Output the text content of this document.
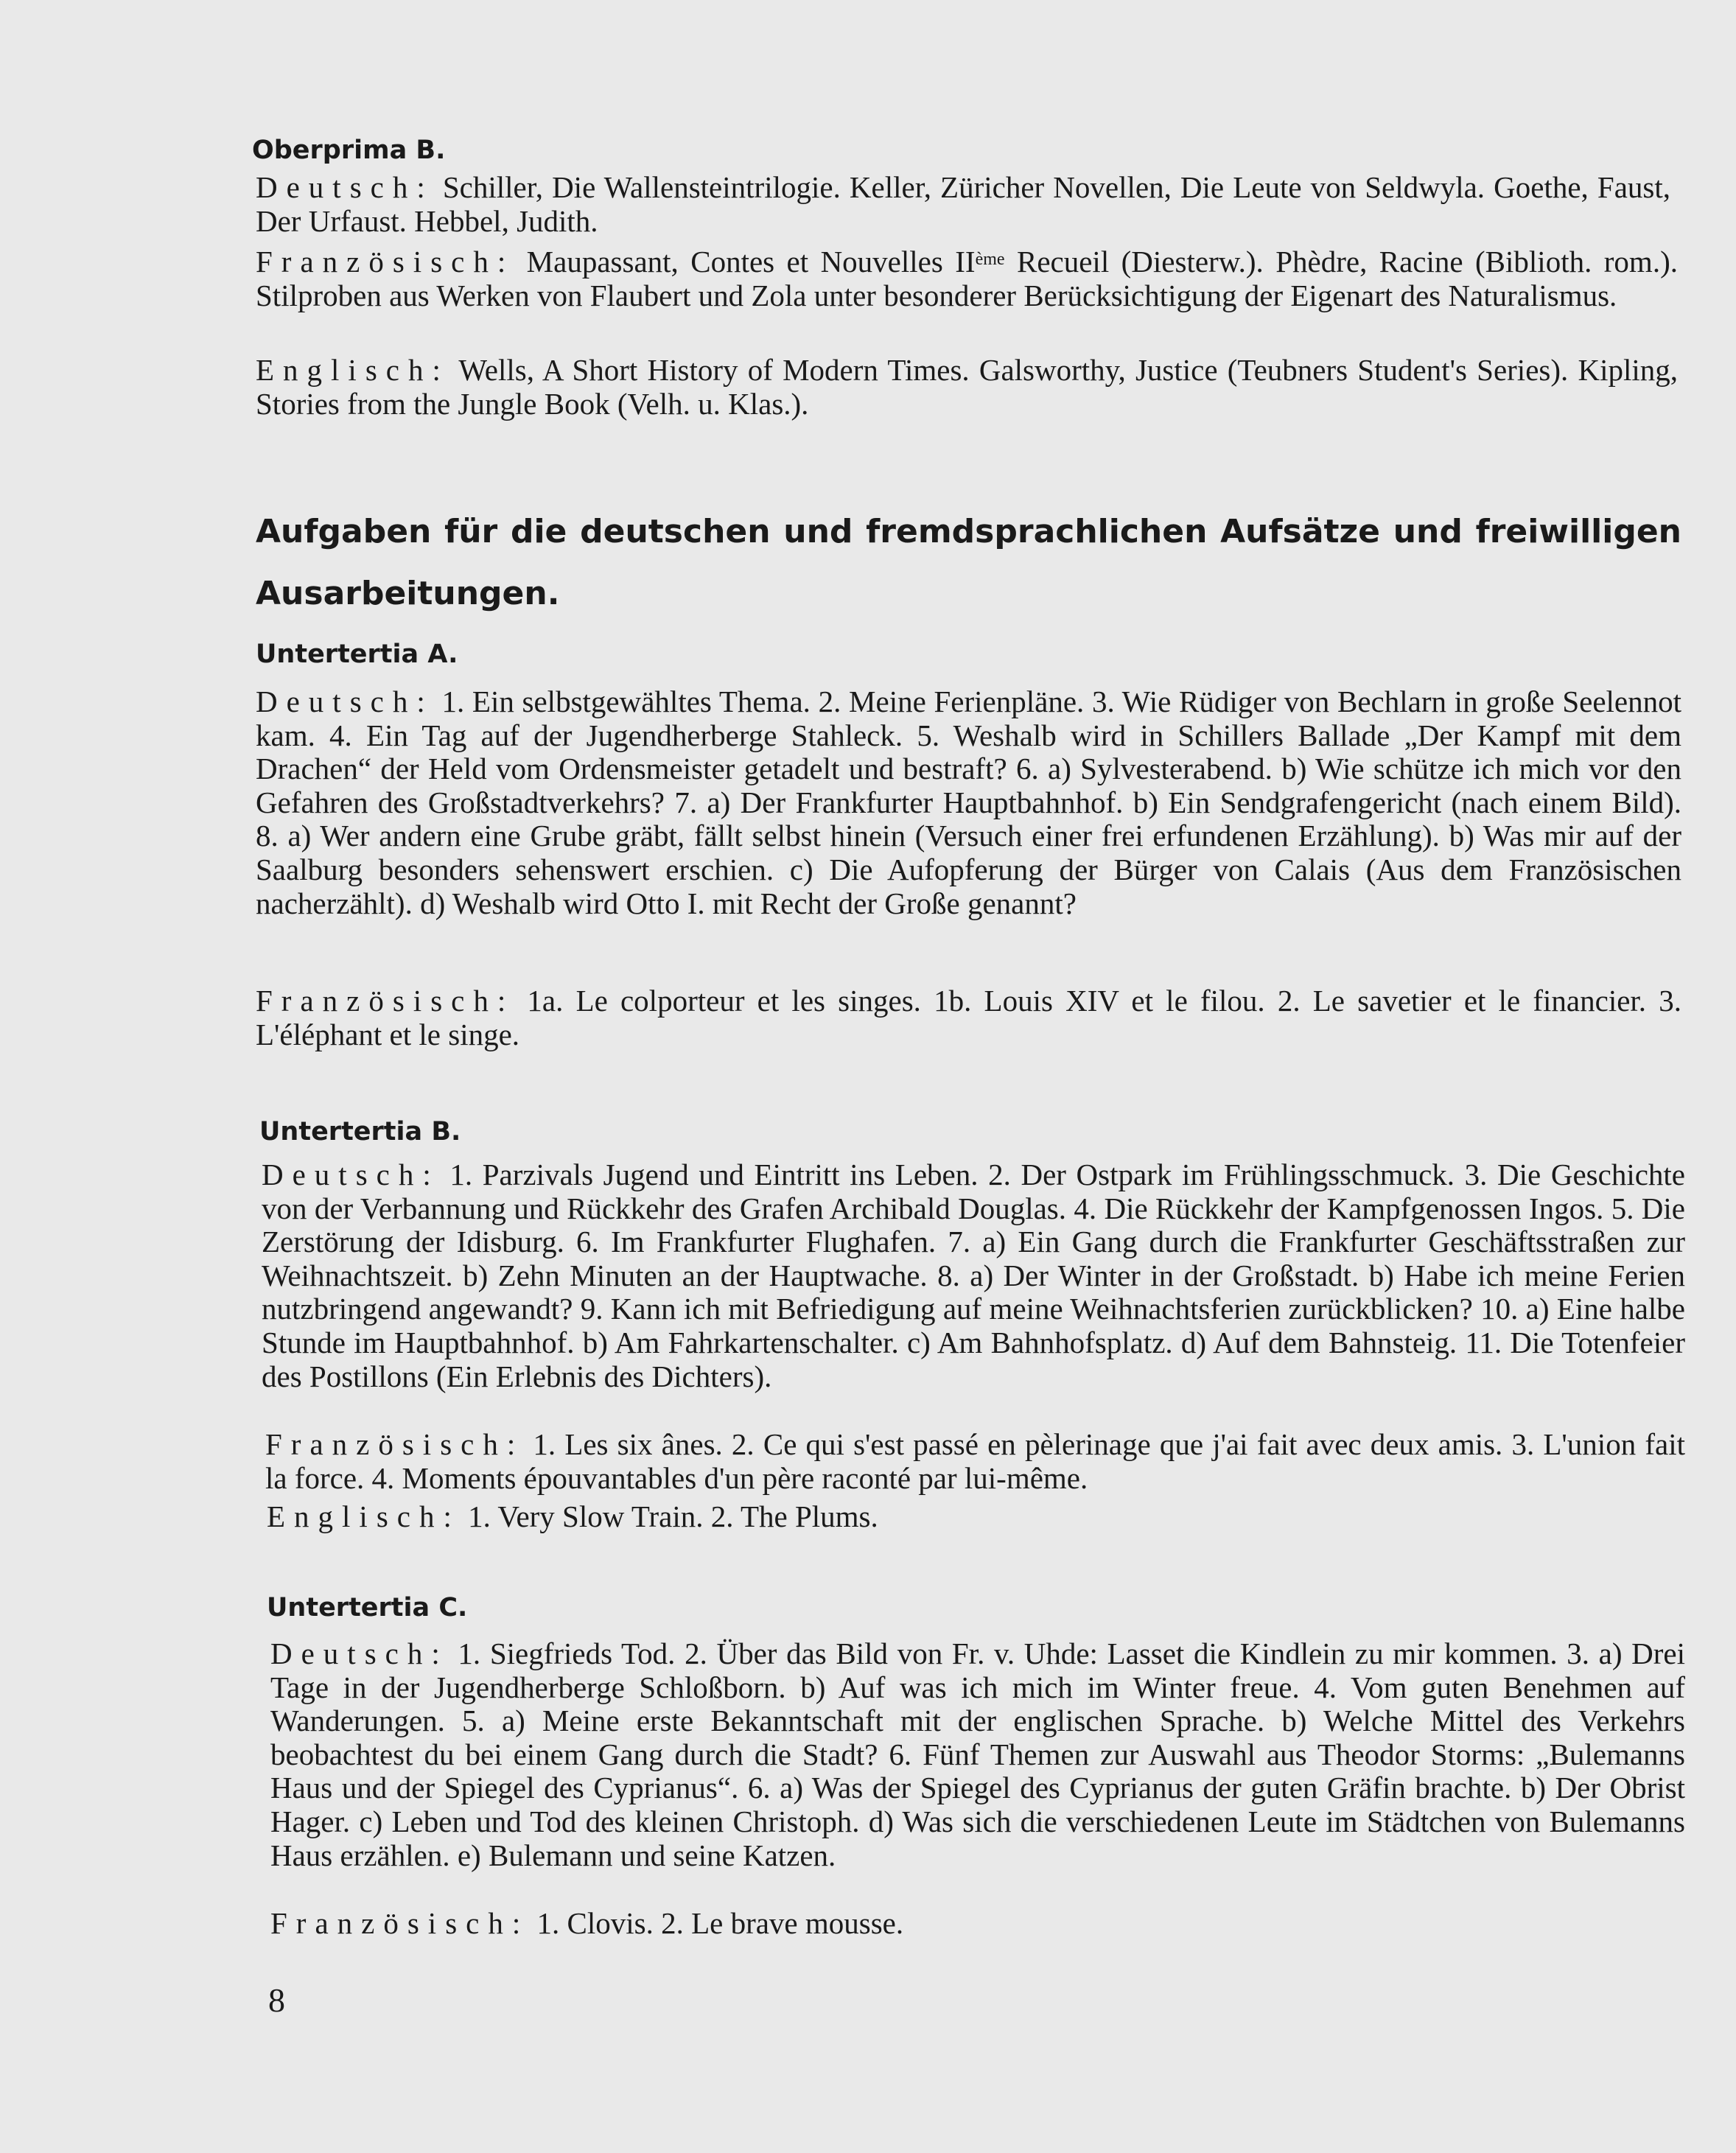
Oberprima B.
Deutsch: Schiller, Die Wallensteintrilogie. Keller, Züricher Novellen, Die Leute von Seldwyla. Goethe, Faust, Der Urfaust. Hebbel, Judith.
Französisch: Maupassant, Contes et Nouvelles IIème Recueil (Diesterw.). Phèdre, Racine (Biblioth. rom.). Stilproben aus Werken von Flaubert und Zola unter besonderer Berücksichtigung der Eigenart des Naturalismus.
Englisch: Wells, A Short History of Modern Times. Galsworthy, Justice (Teubners Student's Series). Kipling, Stories from the Jungle Book (Velh. u. Klas.).
Aufgaben für die deutschen und fremdsprachlichen Aufsätze und freiwilligen Ausarbeitungen.
Untertertia A.
Deutsch: 1. Ein selbstgewähltes Thema. 2. Meine Ferienpläne. 3. Wie Rüdiger von Bechlarn in große Seelennot kam. 4. Ein Tag auf der Jugendherberge Stahleck. 5. Weshalb wird in Schillers Ballade „Der Kampf mit dem Drachen“ der Held vom Ordensmeister getadelt und bestraft? 6. a) Sylvesterabend. b) Wie schütze ich mich vor den Gefahren des Großstadtverkehrs? 7. a) Der Frankfurter Hauptbahnhof. b) Ein Sendgrafengericht (nach einem Bild). 8. a) Wer andern eine Grube gräbt, fällt selbst hinein (Versuch einer frei erfundenen Erzählung). b) Was mir auf der Saalburg besonders sehenswert erschien. c) Die Aufopferung der Bürger von Calais (Aus dem Französischen nacherzählt). d) Weshalb wird Otto I. mit Recht der Große genannt?
Französisch: 1a. Le colporteur et les singes. 1b. Louis XIV et le filou. 2. Le savetier et le financier. 3. L'éléphant et le singe.
Untertertia B.
Deutsch: 1. Parzivals Jugend und Eintritt ins Leben. 2. Der Ostpark im Frühlingsschmuck. 3. Die Geschichte von der Verbannung und Rückkehr des Grafen Archibald Douglas. 4. Die Rückkehr der Kampfgenossen Ingos. 5. Die Zerstörung der Idisburg. 6. Im Frankfurter Flughafen. 7. a) Ein Gang durch die Frankfurter Geschäftsstraßen zur Weihnachtszeit. b) Zehn Minuten an der Hauptwache. 8. a) Der Winter in der Großstadt. b) Habe ich meine Ferien nutzbringend angewandt? 9. Kann ich mit Befriedigung auf meine Weihnachtsferien zurückblicken? 10. a) Eine halbe Stunde im Hauptbahnhof. b) Am Fahrkartenschalter. c) Am Bahnhofsplatz. d) Auf dem Bahnsteig. 11. Die Totenfeier des Postillons (Ein Erlebnis des Dichters).
Französisch: 1. Les six ânes. 2. Ce qui s'est passé en pèlerinage que j'ai fait avec deux amis. 3. L'union fait la force. 4. Moments épouvantables d'un père raconté par lui-même.
Englisch: 1. Very Slow Train. 2. The Plums.
Untertertia C.
Deutsch: 1. Siegfrieds Tod. 2. Über das Bild von Fr. v. Uhde: Lasset die Kindlein zu mir kommen. 3. a) Drei Tage in der Jugendherberge Schloßborn. b) Auf was ich mich im Winter freue. 4. Vom guten Benehmen auf Wanderungen. 5. a) Meine erste Bekanntschaft mit der englischen Sprache. b) Welche Mittel des Verkehrs beobachtest du bei einem Gang durch die Stadt? 6. Fünf Themen zur Auswahl aus Theodor Storms: „Bulemanns Haus und der Spiegel des Cyprianus“. 6. a) Was der Spiegel des Cyprianus der guten Gräfin brachte. b) Der Obrist Hager. c) Leben und Tod des kleinen Christoph. d) Was sich die verschiedenen Leute im Städtchen von Bulemanns Haus erzählen. e) Bulemann und seine Katzen.
Französisch: 1. Clovis. 2. Le brave mousse.
8
